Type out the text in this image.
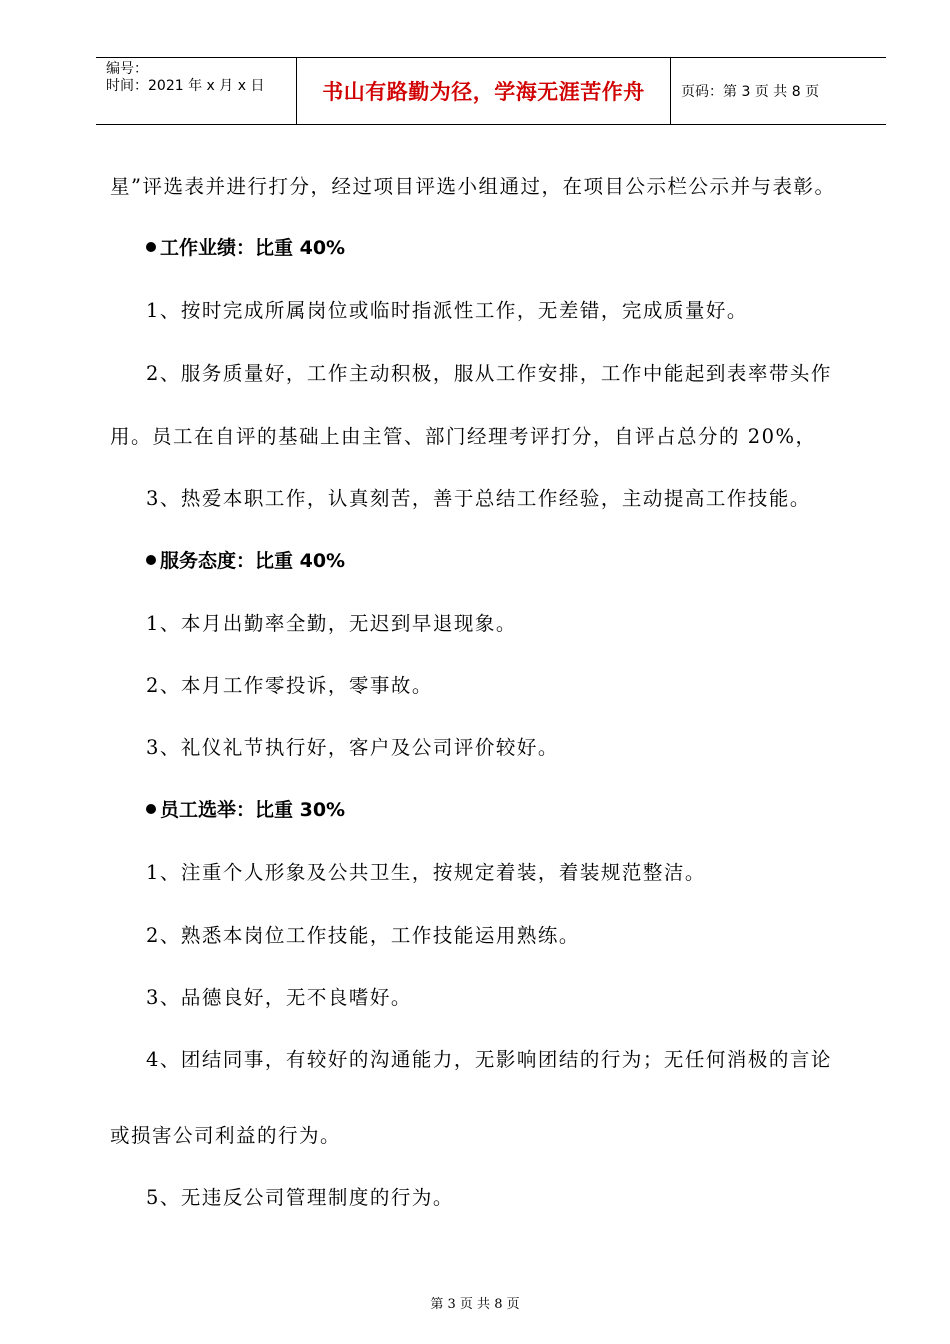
编号：
时间：2021 年 x 月 x 日	书山有路勤为径，学海无涯苦作舟	页码：第 3 页 共 8 页
星”评选表并进行打分，经过项目评选小组通过，在项目公示栏公示并与表彰。
工作业绩：比重 40%
1、按时完成所属岗位或临时指派性工作，无差错，完成质量好。
2、服务质量好，工作主动积极，服从工作安排，工作中能起到表率带头作
用。员工在自评的基础上由主管、部门经理考评打分，自评占总分的 20%，
3、热爱本职工作，认真刻苦，善于总结工作经验，主动提高工作技能。
服务态度：比重 40%
1、本月出勤率全勤，无迟到早退现象。
2、本月工作零投诉，零事故。
3、礼仪礼节执行好，客户及公司评价较好。
员工选举：比重 30%
1、注重个人形象及公共卫生，按规定着装，着装规范整洁。
2、熟悉本岗位工作技能，工作技能运用熟练。
3、品德良好，无不良嗜好。
4、团结同事，有较好的沟通能力，无影响团结的行为；无任何消极的言论
或损害公司利益的行为。
5、无违反公司管理制度的行为。
第 3 页 共 8 页
